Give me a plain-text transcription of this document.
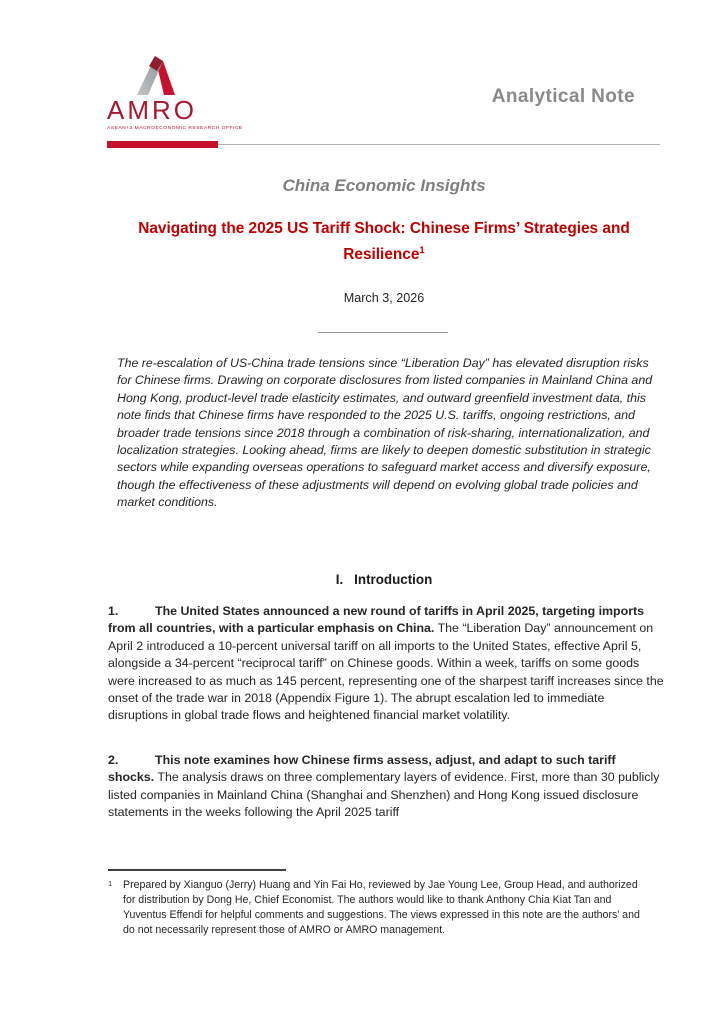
AMRO
ASEAN+3 MACROECONOMIC RESEARCH OFFICE
Analytical Note
China Economic Insights
Navigating the 2025 US Tariff Shock: Chinese Firms’ Strategies and Resilience$^1$
March 3, 2026
The re-escalation of US-China trade tensions since “Liberation Day” has elevated disruption risks for Chinese firms. Drawing on corporate disclosures from listed companies in Mainland China and Hong Kong, product-level trade elasticity estimates, and outward greenfield investment data, this note finds that Chinese firms have responded to the 2025 U.S. tariffs, ongoing restrictions, and broader trade tensions since 2018 through a combination of risk-sharing, internationalization, and localization strategies. Looking ahead, firms are likely to deepen domestic substitution in strategic sectors while expanding overseas operations to safeguard market access and diversify exposure, though the effectiveness of these adjustments will depend on evolving global trade policies and market conditions.
I. Introduction
1.	The United States announced a new round of tariffs in April 2025, targeting imports from all countries, with a particular emphasis on China. The “Liberation Day” announcement on April 2 introduced a 10-percent universal tariff on all imports to the United States, effective April 5, alongside a 34-percent “reciprocal tariff” on Chinese goods. Within a week, tariffs on some goods were increased to as much as 145 percent, representing one of the sharpest tariff increases since the onset of the trade war in 2018 (Appendix Figure 1). The abrupt escalation led to immediate disruptions in global trade flows and heightened financial market volatility.
2.	This note examines how Chinese firms assess, adjust, and adapt to such tariff shocks. The analysis draws on three complementary layers of evidence. First, more than 30 publicly listed companies in Mainland China (Shanghai and Shenzhen) and Hong Kong issued disclosure statements in the weeks following the April 2025 tariff
1	Prepared by Xianguo (Jerry) Huang and Yin Fai Ho, reviewed by Jae Young Lee, Group Head, and authorized for distribution by Dong He, Chief Economist. The authors would like to thank Anthony Chia Kiat Tan and Yuventus Effendi for helpful comments and suggestions. The views expressed in this note are the authors’ and do not necessarily represent those of AMRO or AMRO management.
